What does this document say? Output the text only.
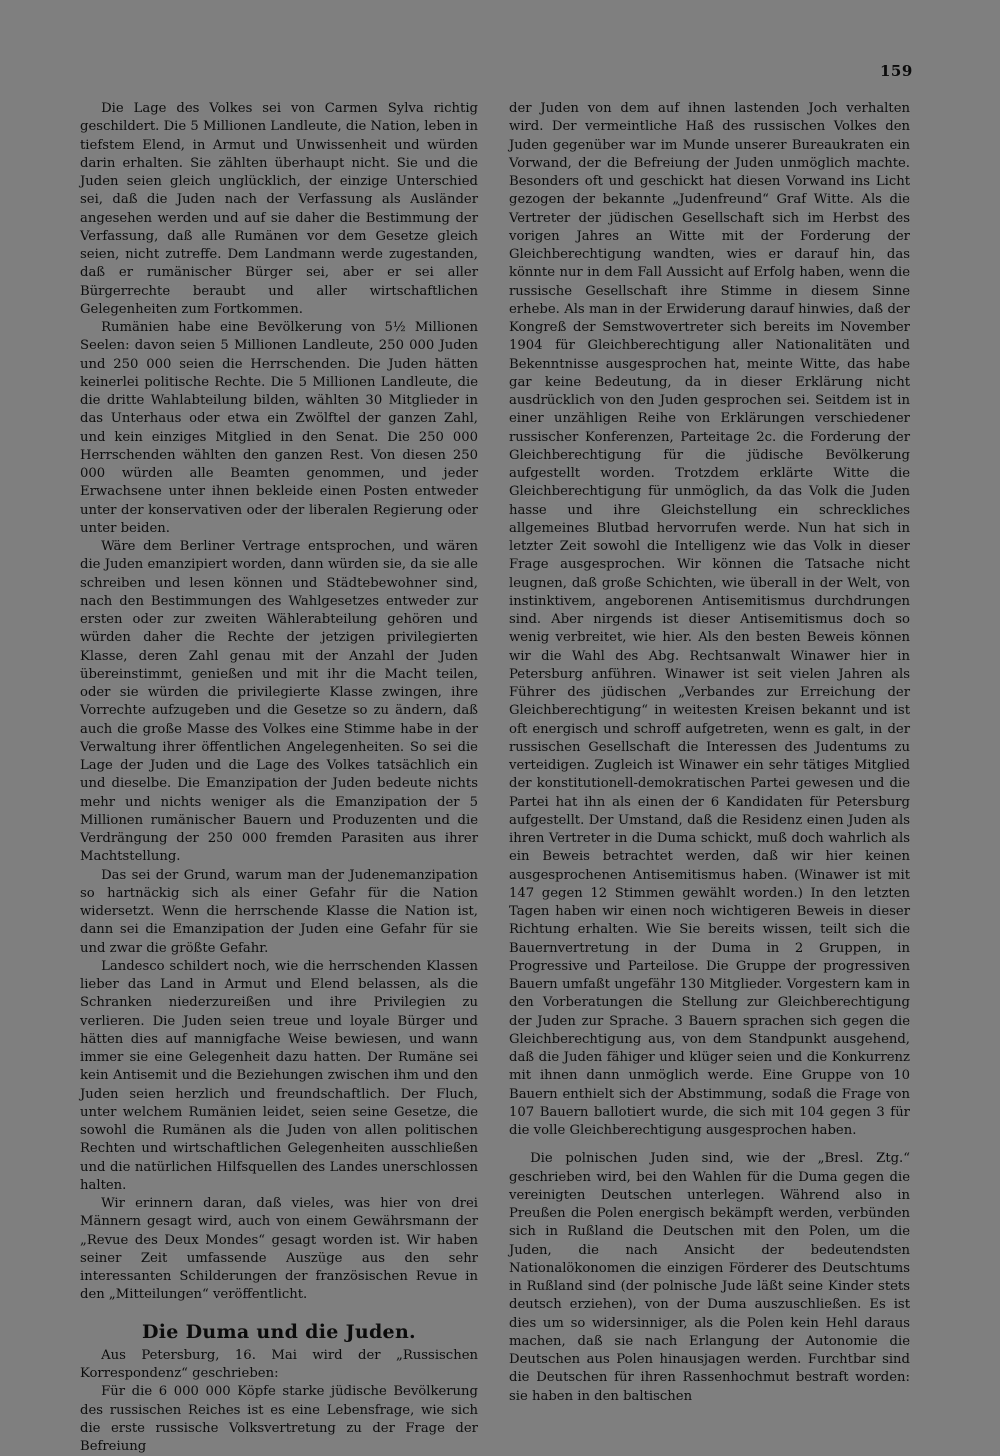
159

Die Lage des Volkes sei von Carmen Sylva richtig geschildert. Die 5 Millionen Landleute, die Nation, leben in tiefstem Elend, in Armut und Unwissenheit und würden darin erhalten. Sie zählten überhaupt nicht. Sie und die Juden seien gleich unglücklich, der einzige Unterschied sei, daß die Juden nach der Verfassung als Ausländer angesehen werden und auf sie daher die Bestimmung der Verfassung, daß alle Rumänen vor dem Gesetze gleich seien, nicht zutreffe. Dem Landmann werde zugestanden, daß er rumänischer Bürger sei, aber er sei aller Bürgerrechte beraubt und aller wirtschaftlichen Gelegenheiten zum Fortkommen.

Rumänien habe eine Bevölkerung von 5½ Millionen Seelen: davon seien 5 Millionen Landleute, 250 000 Juden und 250 000 seien die Herrschenden. Die Juden hätten keinerlei politische Rechte. Die 5 Millionen Landleute, die die dritte Wahlabteilung bilden, wählten 30 Mitglieder in das Unterhaus oder etwa ein Zwölftel der ganzen Zahl, und kein einziges Mitglied in den Senat. Die 250 000 Herrschenden wählten den ganzen Rest. Von diesen 250 000 würden alle Beamten genommen, und jeder Erwachsene unter ihnen bekleide einen Posten entweder unter der konservativen oder der liberalen Regierung oder unter beiden.

Wäre dem Berliner Vertrage entsprochen, und wären die Juden emanzipiert worden, dann würden sie, da sie alle schreiben und lesen können und Städtebewohner sind, nach den Bestimmungen des Wahlgesetzes entweder zur ersten oder zur zweiten Wählerabteilung gehören und würden daher die Rechte der jetzigen privilegierten Klasse, deren Zahl genau mit der Anzahl der Juden übereinstimmt, genießen und mit ihr die Macht teilen, oder sie würden die privilegierte Klasse zwingen, ihre Vorrechte aufzugeben und die Gesetze so zu ändern, daß auch die große Masse des Volkes eine Stimme habe in der Verwaltung ihrer öffentlichen Angelegenheiten. So sei die Lage der Juden und die Lage des Volkes tatsächlich ein und dieselbe. Die Emanzipation der Juden bedeute nichts mehr und nichts weniger als die Emanzipation der 5 Millionen rumänischer Bauern und Produzenten und die Verdrängung der 250 000 fremden Parasiten aus ihrer Machtstellung.

Das sei der Grund, warum man der Judenemanzipation so hartnäckig sich als einer Gefahr für die Nation widersetzt. Wenn die herrschende Klasse die Nation ist, dann sei die Emanzipation der Juden eine Gefahr für sie und zwar die größte Gefahr.

Landesco schildert noch, wie die herrschenden Klassen lieber das Land in Armut und Elend belassen, als die Schranken niederzureißen und ihre Privilegien zu verlieren. Die Juden seien treue und loyale Bürger und hätten dies auf mannigfache Weise bewiesen, und wann immer sie eine Gelegenheit dazu hatten. Der Rumäne sei kein Antisemit und die Beziehungen zwischen ihm und den Juden seien herzlich und freundschaftlich. Der Fluch, unter welchem Rumänien leidet, seien seine Gesetze, die sowohl die Rumänen als die Juden von allen politischen Rechten und wirtschaftlichen Gelegenheiten ausschließen und die natürlichen Hilfsquellen des Landes unerschlossen halten.

Wir erinnern daran, daß vieles, was hier von drei Männern gesagt wird, auch von einem Gewährsmann der „Revue des Deux Mondes“ gesagt worden ist. Wir haben seiner Zeit umfassende Auszüge aus den sehr interessanten Schilderungen der französischen Revue in den „Mitteilungen“ veröffentlicht.

Die Duma und die Juden.

Aus Petersburg, 16. Mai wird der „Russischen Korrespondenz“ geschrieben:

Für die 6 000 000 Köpfe starke jüdische Bevölkerung des russischen Reiches ist es eine Lebensfrage, wie sich die erste russische Volksvertretung zu der Frage der Befreiung

der Juden von dem auf ihnen lastenden Joch verhalten wird. Der vermeintliche Haß des russischen Volkes den Juden gegenüber war im Munde unserer Bureaukraten ein Vorwand, der die Befreiung der Juden unmöglich machte. Besonders oft und geschickt hat diesen Vorwand ins Licht gezogen der bekannte „Judenfreund“ Graf Witte. Als die Vertreter der jüdischen Gesellschaft sich im Herbst des vorigen Jahres an Witte mit der Forderung der Gleichberechtigung wandten, wies er darauf hin, das könnte nur in dem Fall Aussicht auf Erfolg haben, wenn die russische Gesellschaft ihre Stimme in diesem Sinne erhebe. Als man in der Erwiderung darauf hinwies, daß der Kongreß der Semstwovertreter sich bereits im November 1904 für Gleichberechtigung aller Nationalitäten und Bekenntnisse ausgesprochen hat, meinte Witte, das habe gar keine Bedeutung, da in dieser Erklärung nicht ausdrücklich von den Juden gesprochen sei. Seitdem ist in einer unzähligen Reihe von Erklärungen verschiedener russischer Konferenzen, Parteitage 2c. die Forderung der Gleichberechtigung für die jüdische Bevölkerung aufgestellt worden. Trotzdem erklärte Witte die Gleichberechtigung für unmöglich, da das Volk die Juden hasse und ihre Gleichstellung ein schreckliches allgemeines Blutbad hervorrufen werde. Nun hat sich in letzter Zeit sowohl die Intelligenz wie das Volk in dieser Frage ausgesprochen. Wir können die Tatsache nicht leugnen, daß große Schichten, wie überall in der Welt, von instinktivem, angeborenen Antisemitismus durchdrungen sind. Aber nirgends ist dieser Antisemitismus doch so wenig verbreitet, wie hier. Als den besten Beweis können wir die Wahl des Abg. Rechtsanwalt Winawer hier in Petersburg anführen. Winawer ist seit vielen Jahren als Führer des jüdischen „Verbandes zur Erreichung der Gleichberechtigung“ in weitesten Kreisen bekannt und ist oft energisch und schroff aufgetreten, wenn es galt, in der russischen Gesellschaft die Interessen des Judentums zu verteidigen. Zugleich ist Winawer ein sehr tätiges Mitglied der konstitutionell-demokratischen Partei gewesen und die Partei hat ihn als einen der 6 Kandidaten für Petersburg aufgestellt. Der Umstand, daß die Residenz einen Juden als ihren Vertreter in die Duma schickt, muß doch wahrlich als ein Beweis betrachtet werden, daß wir hier keinen ausgesprochenen Antisemitismus haben. (Winawer ist mit 147 gegen 12 Stimmen gewählt worden.) In den letzten Tagen haben wir einen noch wichtigeren Beweis in dieser Richtung erhalten. Wie Sie bereits wissen, teilt sich die Bauernvertretung in der Duma in 2 Gruppen, in Progressive und Parteilose. Die Gruppe der progressiven Bauern umfaßt ungefähr 130 Mitglieder. Vorgestern kam in den Vorberatungen die Stellung zur Gleichberechtigung der Juden zur Sprache. 3 Bauern sprachen sich gegen die Gleichberechtigung aus, von dem Standpunkt ausgehend, daß die Juden fähiger und klüger seien und die Konkurrenz mit ihnen dann unmöglich werde. Eine Gruppe von 10 Bauern enthielt sich der Abstimmung, sodaß die Frage von 107 Bauern ballotiert wurde, die sich mit 104 gegen 3 für die volle Gleichberechtigung ausgesprochen haben.

Die polnischen Juden sind, wie der „Bresl. Ztg.“ geschrieben wird, bei den Wahlen für die Duma gegen die vereinigten Deutschen unterlegen. Während also in Preußen die Polen energisch bekämpft werden, verbünden sich in Rußland die Deutschen mit den Polen, um die Juden, die nach Ansicht der bedeutendsten Nationalökonomen die einzigen Förderer des Deutschtums in Rußland sind (der polnische Jude läßt seine Kinder stets deutsch erziehen), von der Duma auszuschließen. Es ist dies um so widersinniger, als die Polen kein Hehl daraus machen, daß sie nach Erlangung der Autonomie die Deutschen aus Polen hinausjagen werden. Furchtbar sind die Deutschen für ihren Rassenhochmut bestraft worden: sie haben in den baltischen
